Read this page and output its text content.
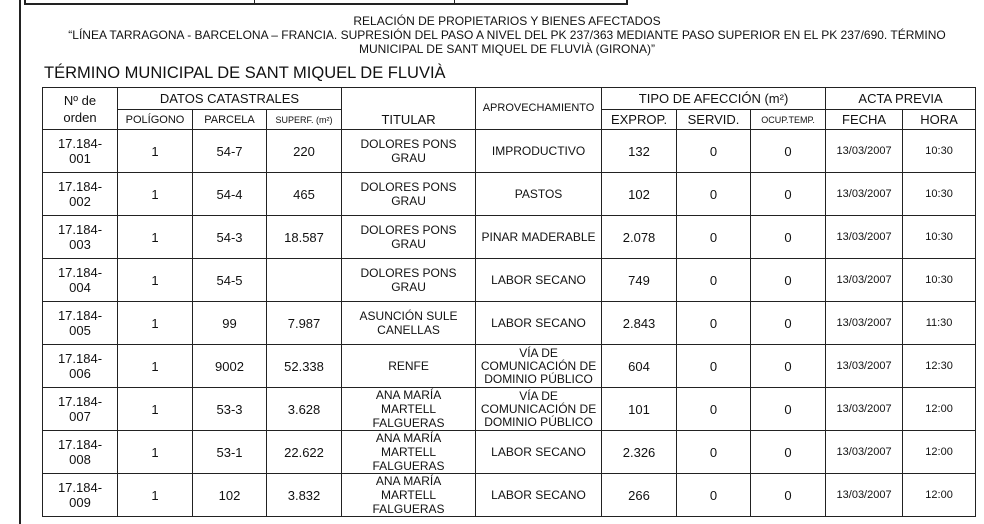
RELACIÓN DE PROPIETARIOS Y BIENES AFECTADOS
“LÍNEA TARRAGONA - BARCELONA – FRANCIA. SUPRESIÓN DEL PASO A NIVEL DEL PK 237/363 MEDIANTE PASO SUPERIOR EN EL PK 237/690. TÉRMINO
MUNICIPAL DE SANT MIQUEL DE FLUVIÀ (GIRONA)”
TÉRMINO MUNICIPAL DE SANT MIQUEL DE FLUVIÀ
Nº de orden	DATOS CATASTRALES			TITULAR	APROVECHAMIENTO	TIPO DE AFECCIÓN (m²)			ACTA PREVIA	
	POLÍGONO	PARCELA	SUPERF. (m²)			EXPROP.	SERVID.	OCUP.TEMP.	FECHA	HORA
17.184-001	1	54-7	220	DOLORES PONS GRAU	IMPRODUCTIVO	132	0	0	13/03/2007	10:30
17.184-002	1	54-4	465	DOLORES PONS GRAU	PASTOS	102	0	0	13/03/2007	10:30
17.184-003	1	54-3	18.587	DOLORES PONS GRAU	PINAR MADERABLE	2.078	0	0	13/03/2007	10:30
17.184-004	1	54-5		DOLORES PONS GRAU	LABOR SECANO	749	0	0	13/03/2007	10:30
17.184-005	1	99	7.987	ASUNCIÓN SULE CANELLAS	LABOR SECANO	2.843	0	0	13/03/2007	11:30
17.184-006	1	9002	52.338	RENFE	VÍA DE COMUNICACIÓN DE DOMINIO PÚBLICO	604	0	0	13/03/2007	12:30
17.184-007	1	53-3	3.628	ANA MARÍA MARTELL FALGUERAS	VÍA DE COMUNICACIÓN DE DOMINIO PÚBLICO	101	0	0	13/03/2007	12:00
17.184-008	1	53-1	22.622	ANA MARÍA MARTELL FALGUERAS	LABOR SECANO	2.326	0	0	13/03/2007	12:00
17.184-009	1	102	3.832	ANA MARÍA MARTELL FALGUERAS	LABOR SECANO	266	0	0	13/03/2007	12:00
